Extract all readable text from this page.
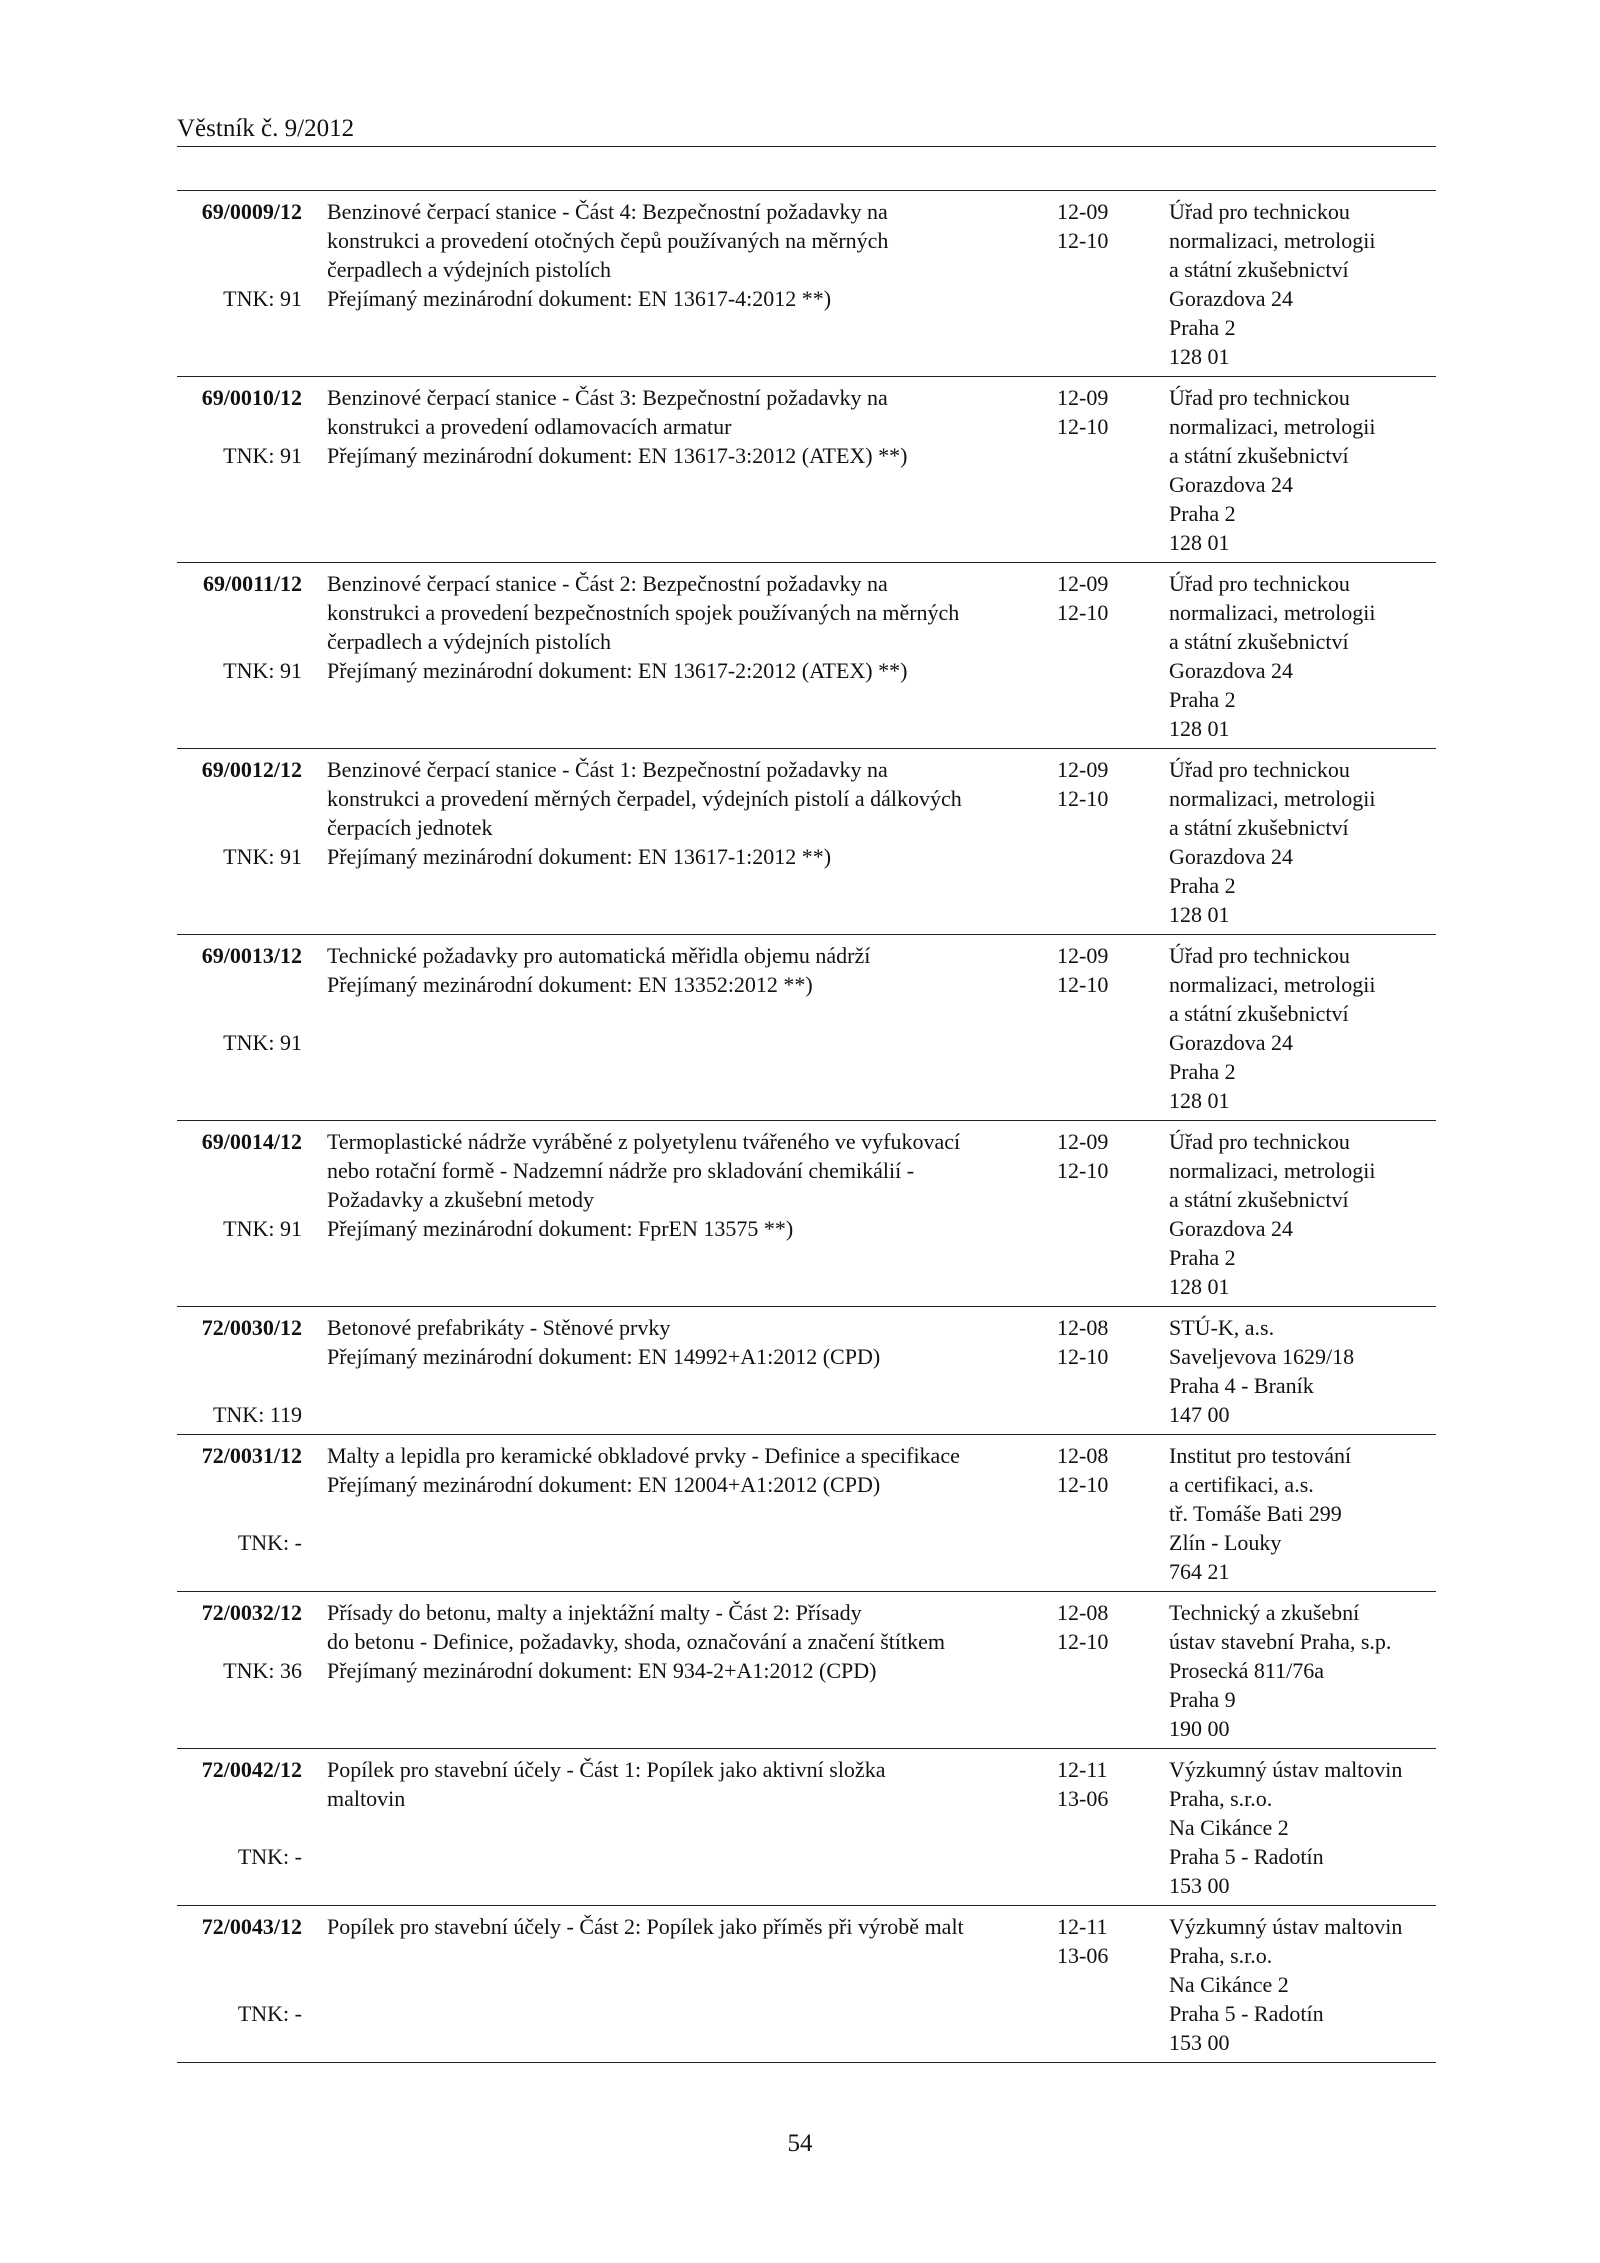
Věstník č. 9/2012
69/0009/12
TNK: 91
Benzinové čerpací stanice - Část 4: Bezpečnostní požadavky na
konstrukci a provedení otočných čepů používaných na měrných
čerpadlech a výdejních pistolích
Přejímaný mezinárodní dokument: EN 13617-4:2012 **)
12-09
12-10
Úřad pro technickou
normalizaci, metrologii
a státní zkušebnictví
Gorazdova 24
Praha 2
128 01
69/0010/12
TNK: 91
Benzinové čerpací stanice - Část 3: Bezpečnostní požadavky na
konstrukci a provedení odlamovacích armatur
Přejímaný mezinárodní dokument: EN 13617-3:2012 (ATEX) **)
12-09
12-10
Úřad pro technickou
normalizaci, metrologii
a státní zkušebnictví
Gorazdova 24
Praha 2
128 01
69/0011/12
TNK: 91
Benzinové čerpací stanice - Část 2: Bezpečnostní požadavky na
konstrukci a provedení bezpečnostních spojek používaných na měrných
čerpadlech a výdejních pistolích
Přejímaný mezinárodní dokument: EN 13617-2:2012 (ATEX) **)
12-09
12-10
Úřad pro technickou
normalizaci, metrologii
a státní zkušebnictví
Gorazdova 24
Praha 2
128 01
69/0012/12
TNK: 91
Benzinové čerpací stanice - Část 1: Bezpečnostní požadavky na
konstrukci a provedení měrných čerpadel, výdejních pistolí a dálkových
čerpacích jednotek
Přejímaný mezinárodní dokument: EN 13617-1:2012 **)
12-09
12-10
Úřad pro technickou
normalizaci, metrologii
a státní zkušebnictví
Gorazdova 24
Praha 2
128 01
69/0013/12
TNK: 91
Technické požadavky pro automatická měřidla objemu nádrží
Přejímaný mezinárodní dokument: EN 13352:2012 **)
12-09
12-10
Úřad pro technickou
normalizaci, metrologii
a státní zkušebnictví
Gorazdova 24
Praha 2
128 01
69/0014/12
TNK: 91
Termoplastické nádrže vyráběné z polyetylenu tvářeného ve vyfukovací
nebo rotační formě - Nadzemní nádrže pro skladování chemikálií -
Požadavky a zkušební metody
Přejímaný mezinárodní dokument: FprEN 13575 **)
12-09
12-10
Úřad pro technickou
normalizaci, metrologii
a státní zkušebnictví
Gorazdova 24
Praha 2
128 01
72/0030/12
TNK: 119
Betonové prefabrikáty - Stěnové prvky
Přejímaný mezinárodní dokument: EN 14992+A1:2012 (CPD)
12-08
12-10
STÚ-K, a.s.
Saveljevova 1629/18
Praha 4 - Braník
147 00
72/0031/12
TNK: -
Malty a lepidla pro keramické obkladové prvky - Definice a specifikace
Přejímaný mezinárodní dokument: EN 12004+A1:2012 (CPD)
12-08
12-10
Institut pro testování
a certifikaci, a.s.
tř. Tomáše Bati 299
Zlín - Louky
764 21
72/0032/12
TNK: 36
Přísady do betonu, malty a injektážní malty - Část 2: Přísady
do betonu - Definice, požadavky, shoda, označování a značení štítkem
Přejímaný mezinárodní dokument: EN 934-2+A1:2012 (CPD)
12-08
12-10
Technický a zkušební
ústav stavební Praha, s.p.
Prosecká 811/76a
Praha 9
190 00
72/0042/12
TNK: -
Popílek pro stavební účely - Část 1: Popílek jako aktivní složka
maltovin
12-11
13-06
Výzkumný ústav maltovin
Praha, s.r.o.
Na Cikánce 2
Praha 5 - Radotín
153 00
72/0043/12
TNK: -
Popílek pro stavební účely - Část 2: Popílek jako příměs při výrobě malt	12-11
13-06
Výzkumný ústav maltovin
Praha, s.r.o.
Na Cikánce 2
Praha 5 - Radotín
153 00
54
